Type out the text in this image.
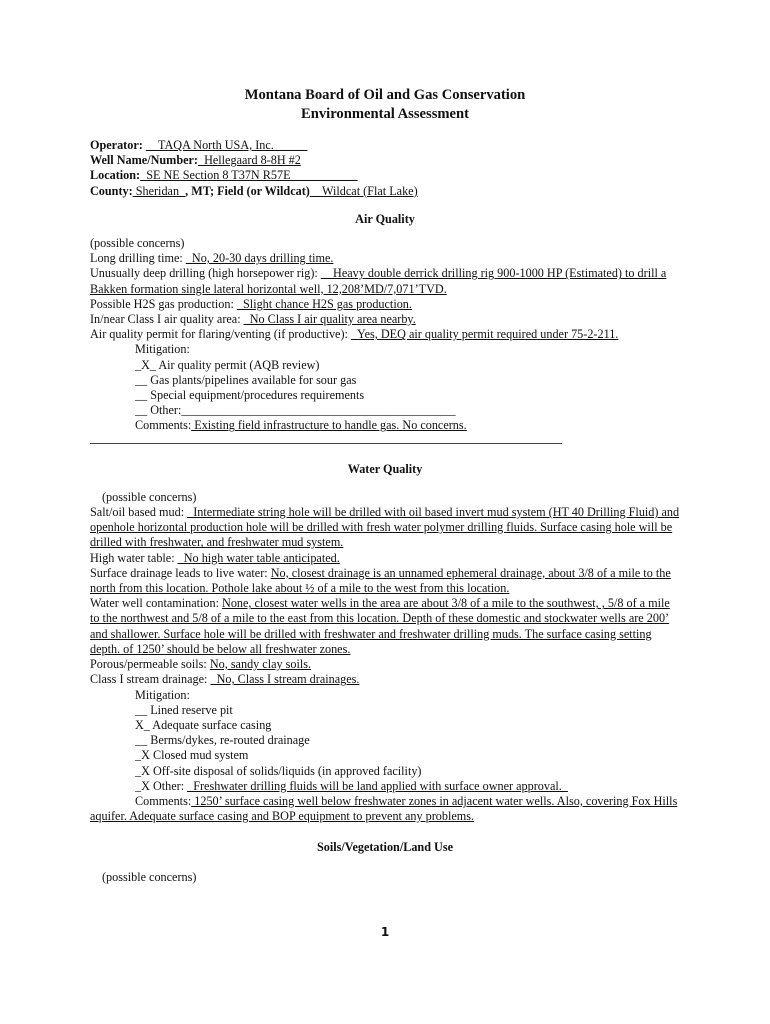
Montana Board of Oil and Gas Conservation

Environmental Assessment

Operator: __TAQA North USA, Inc.__ ___
Well Name/Number:_Hellegaard 8-8H #2
Location:_SE NE Section 8 T37N R57E___________
County: Sheridan_, MT; Field (or Wildcat)__Wildcat (Flat Lake)

Air Quality

(possible concerns)

Long drilling time: _No, 20-30 days drilling time.

Unusually deep drilling (high horsepower rig): __Heavy double derrick drilling rig 900-1000 HP (Estimated) to drill a Bakken formation single lateral horizontal well, 12,208’MD/7,071’TVD.

Possible H2S gas production: _Slight chance H2S gas production.

In/near Class I air quality area: _No Class I air quality area nearby.

Air quality permit for flaring/venting (if productive): _Yes, DEQ air quality permit required under 75-2-211.

Mitigation:

_X_ Air quality permit (AQB review)

__ Gas plants/pipelines available for sour gas

__ Special equipment/procedures requirements

__ Other:_____________________________________________

Comments: Existing field infrastructure to handle gas. No concerns.

Water Quality

(possible concerns)

Salt/oil based mud: _Intermediate string hole will be drilled with oil based invert mud system (HT 40 Drilling Fluid) and openhole horizontal production hole will be drilled with fresh water polymer drilling fluids. Surface casing hole will be drilled with freshwater, and freshwater mud system.

High water table: _No high water table anticipated.

Surface drainage leads to live water: No, closest drainage is an unnamed ephemeral drainage, about 3/8 of a mile to the north from this location. Pothole lake about ½ of a mile to the west from this location.

Water well contamination: None, closest water wells in the area are about 3/8 of a mile to the southwest, , 5/8 of a mile to the northwest and 5/8 of a mile to the east from this location. Depth of these domestic and stockwater wells are 200’ and shallower. Surface hole will be drilled with freshwater and freshwater drilling muds. The surface casing setting depth. of 1250’ should be below all freshwater zones.

Porous/permeable soils: No, sandy clay soils.

Class I stream drainage: _No, Class I stream drainages.

Mitigation:

__ Lined reserve pit

X_ Adequate surface casing

__ Berms/dykes, re-routed drainage

_X Closed mud system

_X Off-site disposal of solids/liquids (in approved facility)

_X Other: _Freshwater drilling fluids will be land applied with surface owner approval._

Comments: 1250’ surface casing well below freshwater zones in adjacent water wells. Also, covering Fox Hills aquifer. Adequate surface casing and BOP equipment to prevent any problems.

Soils/Vegetation/Land Use

(possible concerns)

1
